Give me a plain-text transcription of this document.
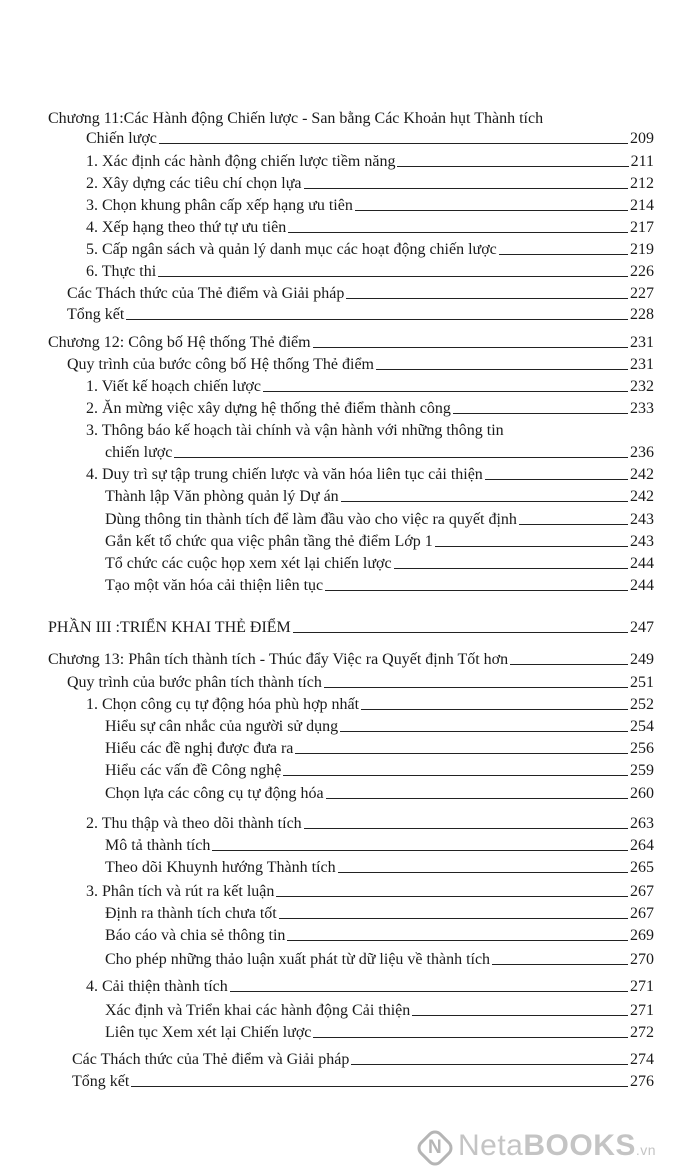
Chương 11:Các Hành động Chiến lược - San bằng Các Khoản hụt Thành tích
Chiến lược	209
1. Xác định các hành động chiến lược tiềm năng	211
2. Xây dựng các tiêu chí chọn lựa	212
3. Chọn khung phân cấp xếp hạng ưu tiên	214
4. Xếp hạng theo thứ tự ưu tiên	217
5. Cấp ngân sách và quản lý danh mục các hoạt động chiến lược	219
6. Thực thi	226
Các Thách thức của Thẻ điểm và Giải pháp	227
Tổng kết	228
Chương 12: Công bố Hệ thống Thẻ điểm	231
Quy trình của bước công bố Hệ thống Thẻ điểm	231
1. Viết kế hoạch chiến lược	232
2. Ăn mừng việc xây dựng hệ thống thẻ điểm thành công	233
3. Thông báo kế hoạch tài chính và vận hành với những thông tin
chiến lược	236
4. Duy trì sự tập trung chiến lược và văn hóa liên tục cải thiện	242
Thành lập Văn phòng quản lý Dự án	242
Dùng thông tin thành tích để làm đầu vào cho việc ra quyết định	243
Gắn kết tổ chức qua việc phân tầng thẻ điểm Lớp 1	243
Tổ chức các cuộc họp xem xét lại chiến lược	244
Tạo một văn hóa cải thiện liên tục	244
PHẦN III :TRIỂN KHAI THẺ ĐIỂM	247
Chương 13: Phân tích thành tích - Thúc đẩy Việc ra Quyết định Tốt hơn	249
Quy trình của bước phân tích thành tích	251
1. Chọn công cụ tự động hóa phù hợp nhất	252
Hiểu sự cân nhắc của người sử dụng	254
Hiểu các đề nghị được đưa ra	256
Hiểu các vấn đề Công nghệ	259
Chọn lựa các công cụ tự động hóa	260
2. Thu thập và theo dõi thành tích	263
Mô tả thành tích	264
Theo dõi Khuynh hướng Thành tích	265
3. Phân tích và rút ra kết luận	267
Định ra thành tích chưa tốt	267
Báo cáo và chia sẻ thông tin	269
Cho phép những thảo luận xuất phát từ dữ liệu về thành tích	270
4. Cải thiện thành tích	271
Xác định và Triển khai các hành động Cải thiện	271
Liên tục Xem xét lại Chiến lược	272
Các Thách thức của Thẻ điểm và Giải pháp	274
Tổng kết	276
N NetaBOOKS.vn
